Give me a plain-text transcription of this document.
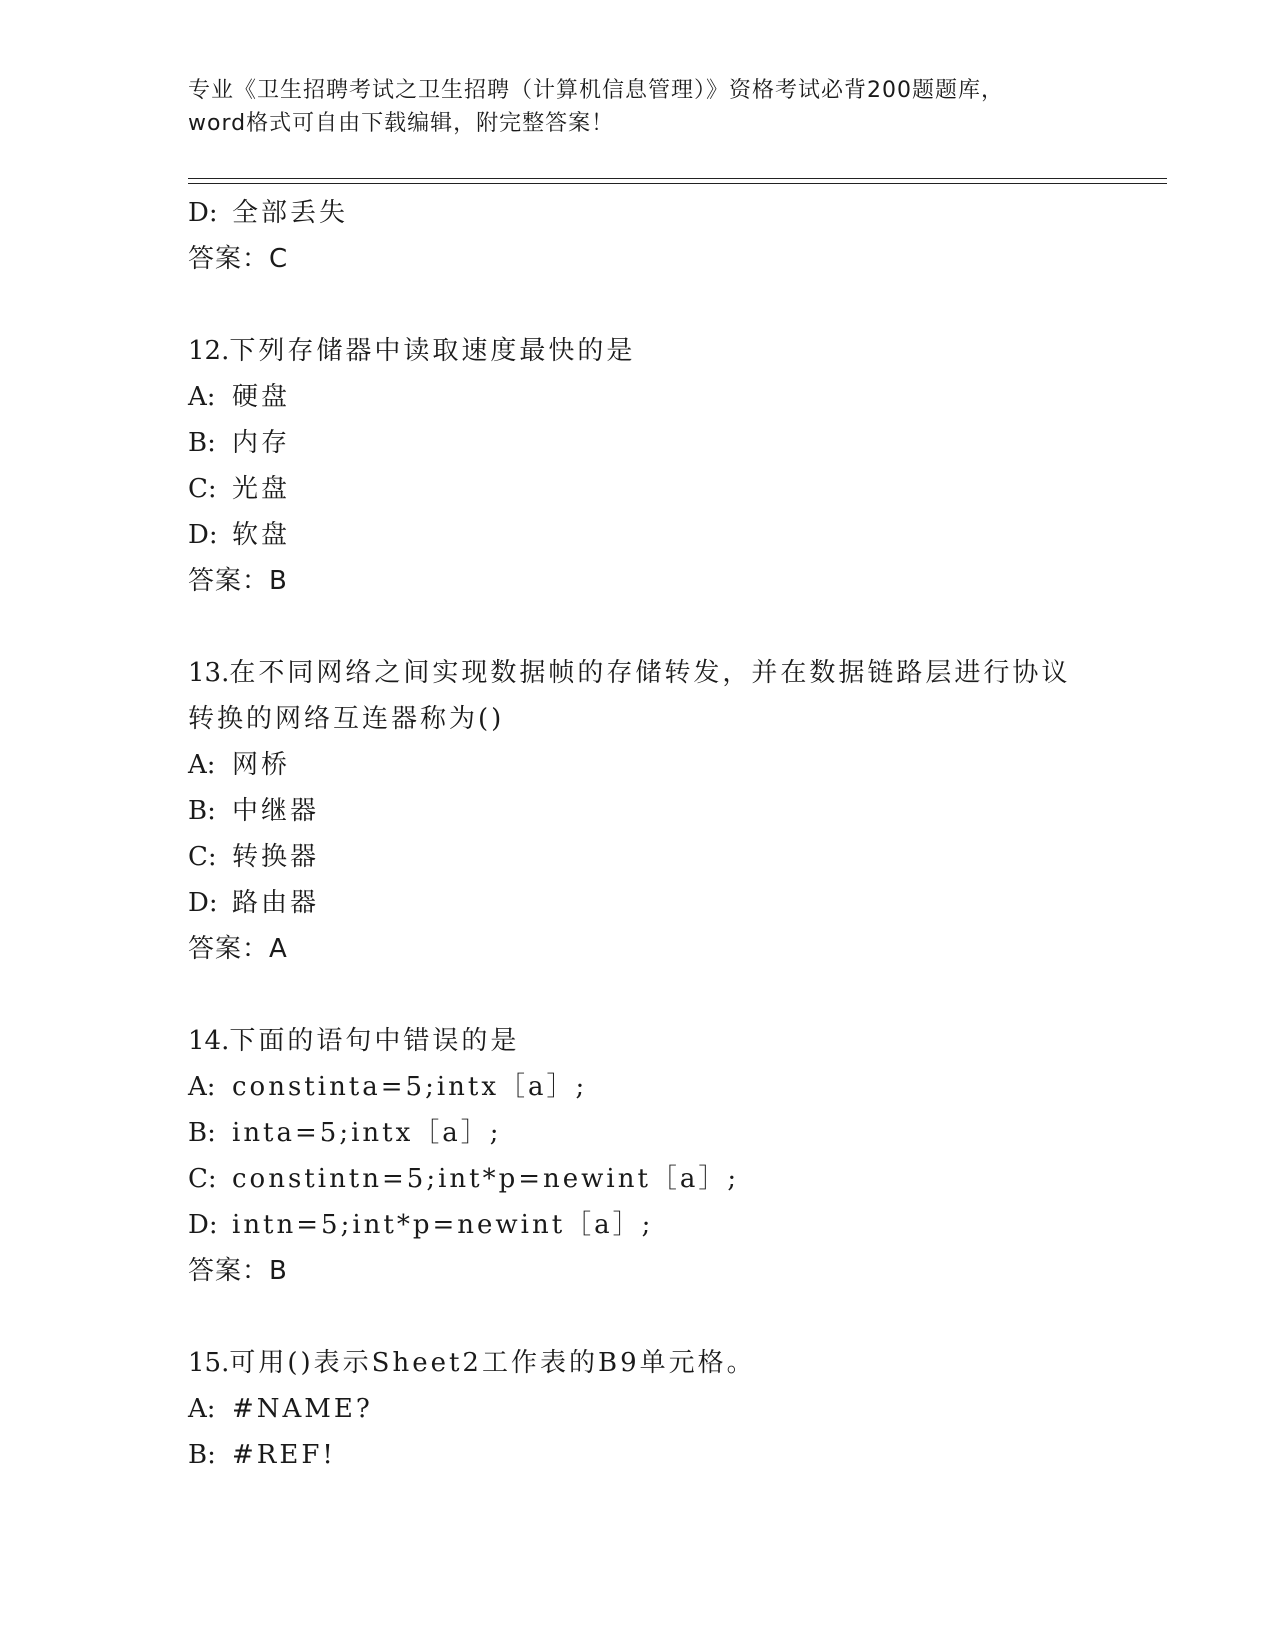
专业《卫生招聘考试之卫生招聘（计算机信息管理）》资格考试必背200题题库，
word格式可自由下载编辑，附完整答案！
D: 全部丢失
答案：C
12.下列存储器中读取速度最快的是
A: 硬盘
B: 内存
C: 光盘
D: 软盘
答案：B
13.在不同网络之间实现数据帧的存储转发，并在数据链路层进行协议
转换的网络互连器称为()
A: 网桥
B: 中继器
C: 转换器
D: 路由器
答案：A
14.下面的语句中错误的是
A: constinta=5;intx［a］;
B: inta=5;intx［a］;
C: constintn=5;int*p=newint［a］;
D: intn=5;int*p=newint［a］;
答案：B
15.可用()表示Sheet2工作表的B9单元格。
A: #NAME?
B: #REF!
